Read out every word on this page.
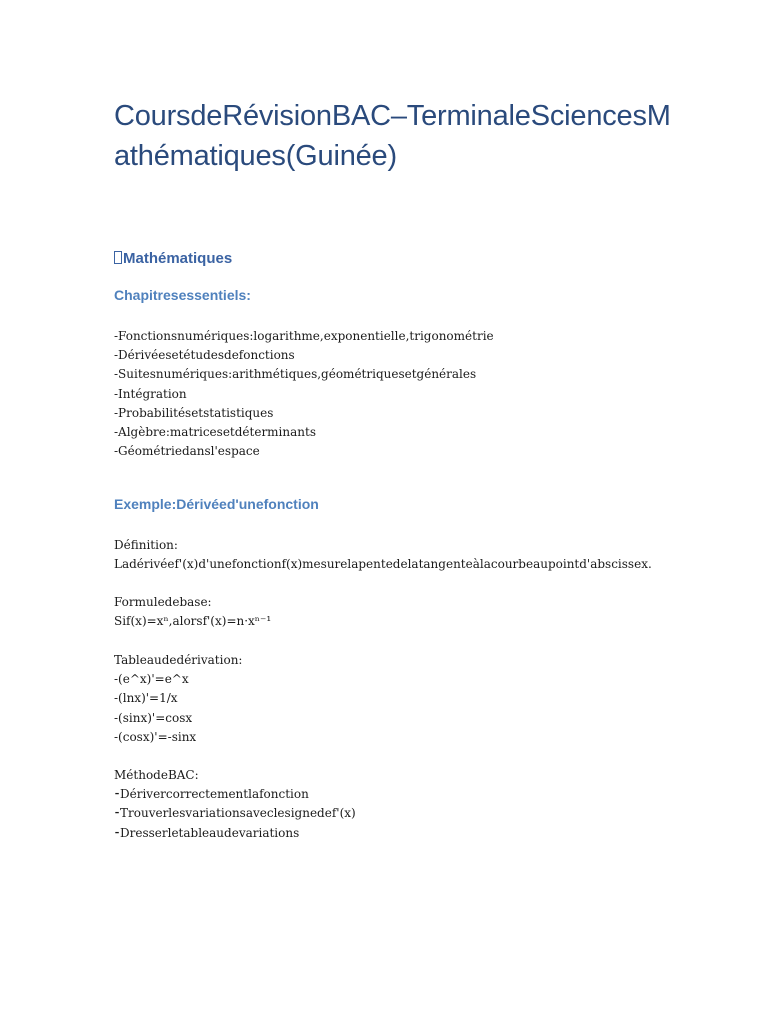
CoursdeRévisionBAC–TerminaleSciencesMathématiques(Guinée)
Mathématiques
Chapitresessentiels:
-Fonctionsnumériques:logarithme,exponentielle,trigonométrie
-Dérivéesetétudesdefonctions
-Suitesnumériques:arithmétiques,géométriquesetgénérales
-Intégration
-Probabilitésetstatistiques
-Algèbre:matricesetdéterminants
-Géométriedansl'espace
Exemple:Dérivéed'unefonction
Définition:
Ladérivéef'(x)d'unefonctionf(x)mesurelapentedelatangenteàlacourbeaupointd'abscissex.
Formuledebase:
Sif(x)=xⁿ,alorsf'(x)=n·xⁿ⁻¹
Tableaudedérivation:
-(e^x)'=e^x
-(lnx)'=1/x
-(sinx)'=cosx
-(cosx)'=-sinx
MéthodeBAC:
⁃Dérivercorrectementlafonction
⁃Trouverlesvariationsaveclesignedef'(x)
⁃Dresserletableaudevariations
